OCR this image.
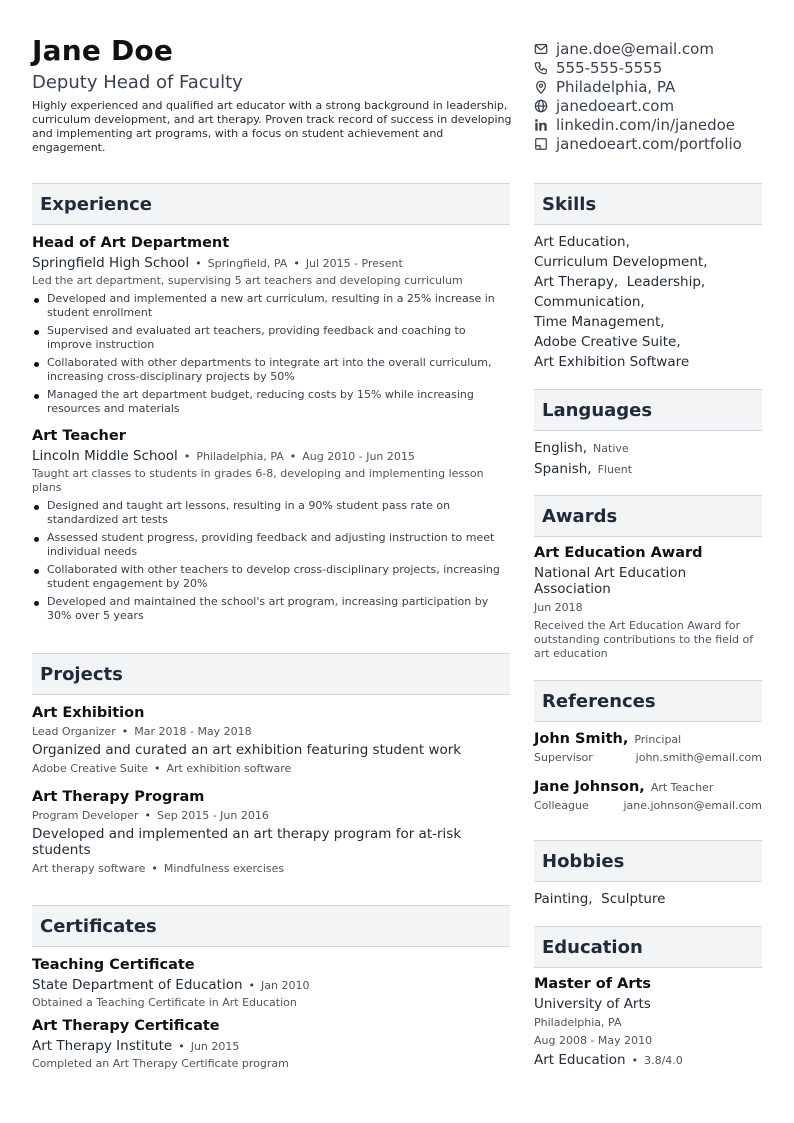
Jane Doe
Deputy Head of Faculty
Highly experienced and qualified art educator with a strong background in leadership, curriculum development, and art therapy. Proven track record of success in developing and implementing art programs, with a focus on student achievement and engagement.
jane.doe@email.com
555-555-5555
Philadelphia, PA
janedoeart.com
linkedin.com/in/janedoe
janedoeart.com/portfolio
Experience
Head of Art Department
Springfield High School • Springfield, PA • Jul 2015 - Present
Led the art department, supervising 5 art teachers and developing curriculum
Developed and implemented a new art curriculum, resulting in a 25% increase in student enrollment
Supervised and evaluated art teachers, providing feedback and coaching to improve instruction
Collaborated with other departments to integrate art into the overall curriculum, increasing cross-disciplinary projects by 50%
Managed the art department budget, reducing costs by 15% while increasing resources and materials
Art Teacher
Lincoln Middle School • Philadelphia, PA • Aug 2010 - Jun 2015
Taught art classes to students in grades 6-8, developing and implementing lesson plans
Designed and taught art lessons, resulting in a 90% student pass rate on standardized art tests
Assessed student progress, providing feedback and adjusting instruction to meet individual needs
Collaborated with other teachers to develop cross-disciplinary projects, increasing student engagement by 20%
Developed and maintained the school's art program, increasing participation by 30% over 5 years
Projects
Art Exhibition
Lead Organizer • Mar 2018 - May 2018
Organized and curated an art exhibition featuring student work
Adobe Creative Suite • Art exhibition software
Art Therapy Program
Program Developer • Sep 2015 - Jun 2016
Developed and implemented an art therapy program for at-risk students
Art therapy software • Mindfulness exercises
Certificates
Teaching Certificate
State Department of Education • Jan 2010
Obtained a Teaching Certificate in Art Education
Art Therapy Certificate
Art Therapy Institute • Jun 2015
Completed an Art Therapy Certificate program
Skills
Art Education,
Curriculum Development,
Art Therapy,  Leadership,
Communication,
Time Management,
Adobe Creative Suite,
Art Exhibition Software
Languages
English, Native
Spanish, Fluent
Awards
Art Education Award
National Art Education Association
Jun 2018
Received the Art Education Award for outstanding contributions to the field of art education
References
John Smith, Principal
Supervisor	john.smith@email.com
Jane Johnson, Art Teacher
Colleague	jane.johnson@email.com
Hobbies
Painting,  Sculpture
Education
Master of Arts
University of Arts
Philadelphia, PA
Aug 2008 - May 2010
Art Education • 3.8/4.0
